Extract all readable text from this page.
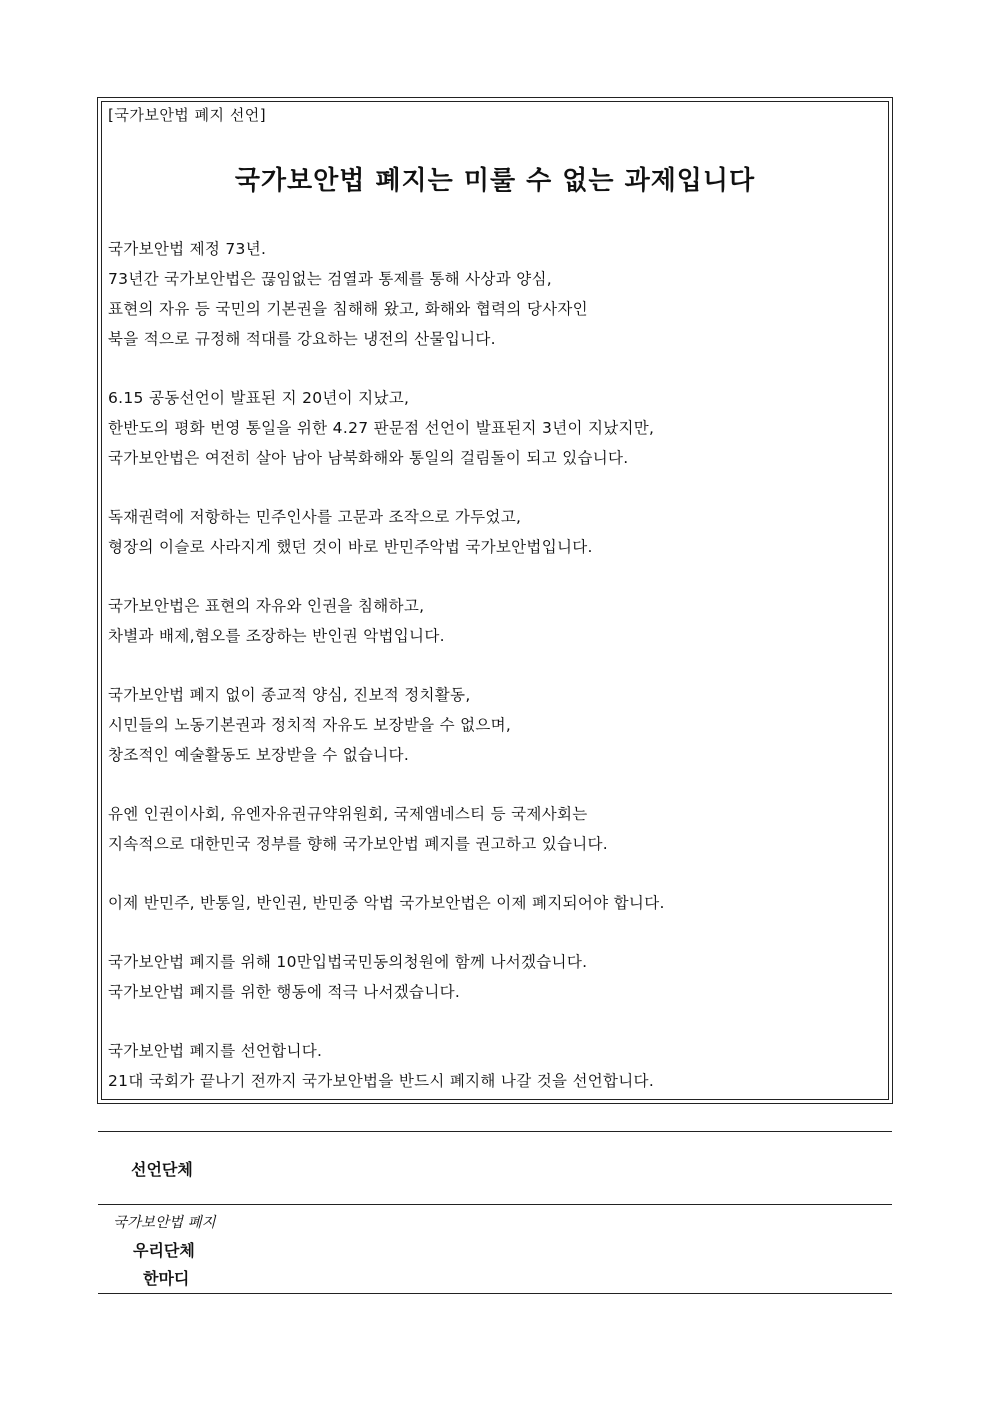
[국가보안법 폐지 선언]
국가보안법 폐지는 미룰 수 없는 과제입니다
국가보안법 제정 73년.
73년간 국가보안법은 끊임없는 검열과 통제를 통해 사상과 양심,
표현의 자유 등 국민의 기본권을 침해해 왔고, 화해와 협력의 당사자인
북을 적으로 규정해 적대를 강요하는 냉전의 산물입니다.
6.15 공동선언이 발표된 지 20년이 지났고,
한반도의 평화 번영 통일을 위한 4.27 판문점 선언이 발표된지 3년이 지났지만,
국가보안법은 여전히 살아 남아 남북화해와 통일의 걸림돌이 되고 있습니다.
독재권력에 저항하는 민주인사를 고문과 조작으로 가두었고,
형장의 이슬로 사라지게 했던 것이 바로 반민주악법 국가보안법입니다.
국가보안법은 표현의 자유와 인권을 침해하고,
차별과 배제,혐오를 조장하는 반인권 악법입니다.
국가보안법 폐지 없이 종교적 양심, 진보적 정치활동,
시민들의 노동기본권과 정치적 자유도 보장받을 수 없으며,
창조적인 예술활동도 보장받을 수 없습니다.
유엔 인권이사회, 유엔자유권규약위원회, 국제앰네스티 등 국제사회는
지속적으로 대한민국 정부를 향해 국가보안법 폐지를 권고하고 있습니다.
이제 반민주, 반통일, 반인권, 반민중 악법 국가보안법은 이제 폐지되어야 합니다.
국가보안법 폐지를 위해 10만입법국민동의청원에 함께 나서겠습니다.
국가보안법 폐지를 위한 행동에 적극 나서겠습니다.
국가보안법 폐지를 선언합니다.
21대 국회가 끝나기 전까지 국가보안법을 반드시 폐지해 나갈 것을 선언합니다.
선언단체
국가보안법 폐지
우리단체
한마디
